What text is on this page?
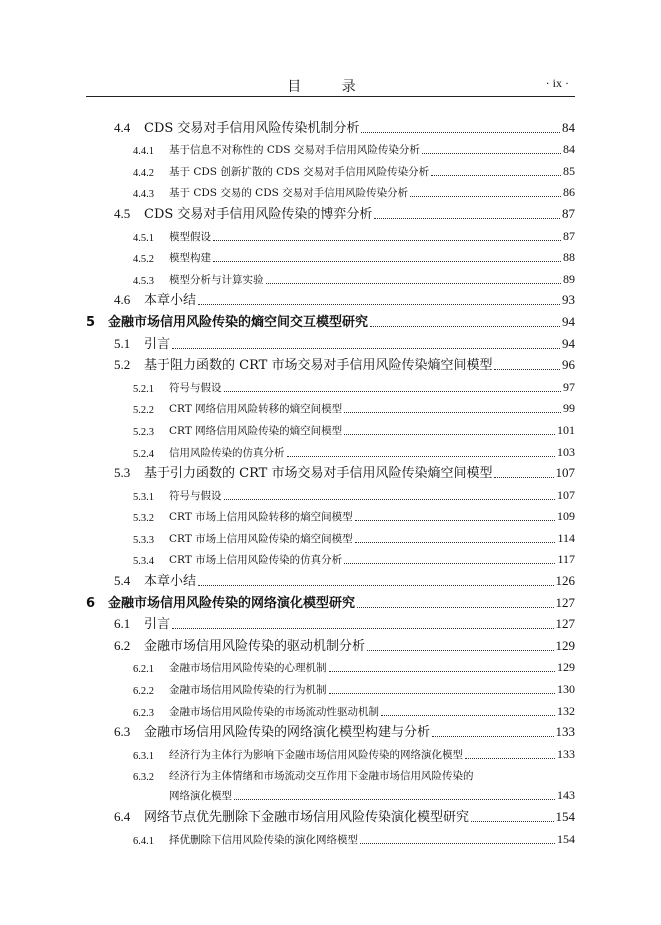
目 录	· ix ·
4.4	CDS 交易对手信用风险传染机制分析	84
4.4.1	基于信息不对称性的 CDS 交易对手信用风险传染分析	84
4.4.2	基于 CDS 创新扩散的 CDS 交易对手信用风险传染分析	85
4.4.3	基于 CDS 交易的 CDS 交易对手信用风险传染分析	86
4.5	CDS 交易对手信用风险传染的博弈分析	87
4.5.1	模型假设	87
4.5.2	模型构建	88
4.5.3	模型分析与计算实验	89
4.6	本章小结	93
5 金融市场信用风险传染的熵空间交互模型研究	94
5.1	引言	94
5.2	基于阻力函数的 CRT 市场交易对手信用风险传染熵空间模型	96
5.2.1	符号与假设	97
5.2.2	CRT 网络信用风险转移的熵空间模型	99
5.2.3	CRT 网络信用风险传染的熵空间模型	101
5.2.4	信用风险传染的仿真分析	103
5.3	基于引力函数的 CRT 市场交易对手信用风险传染熵空间模型	107
5.3.1	符号与假设	107
5.3.2	CRT 市场上信用风险转移的熵空间模型	109
5.3.3	CRT 市场上信用风险传染的熵空间模型	114
5.3.4	CRT 市场上信用风险传染的仿真分析	117
5.4	本章小结	126
6 金融市场信用风险传染的网络演化模型研究	127
6.1	引言	127
6.2	金融市场信用风险传染的驱动机制分析	129
6.2.1	金融市场信用风险传染的心理机制	129
6.2.2	金融市场信用风险传染的行为机制	130
6.2.3	金融市场信用风险传染的市场流动性驱动机制	132
6.3	金融市场信用风险传染的网络演化模型构建与分析	133
6.3.1	经济行为主体行为影响下金融市场信用风险传染的网络演化模型	133
6.3.2	经济行为主体情绪和市场流动交互作用下金融市场信用风险传染的
网络演化模型	143
6.4	网络节点优先删除下金融市场信用风险传染演化模型研究	154
6.4.1	择优删除下信用风险传染的演化网络模型	154
